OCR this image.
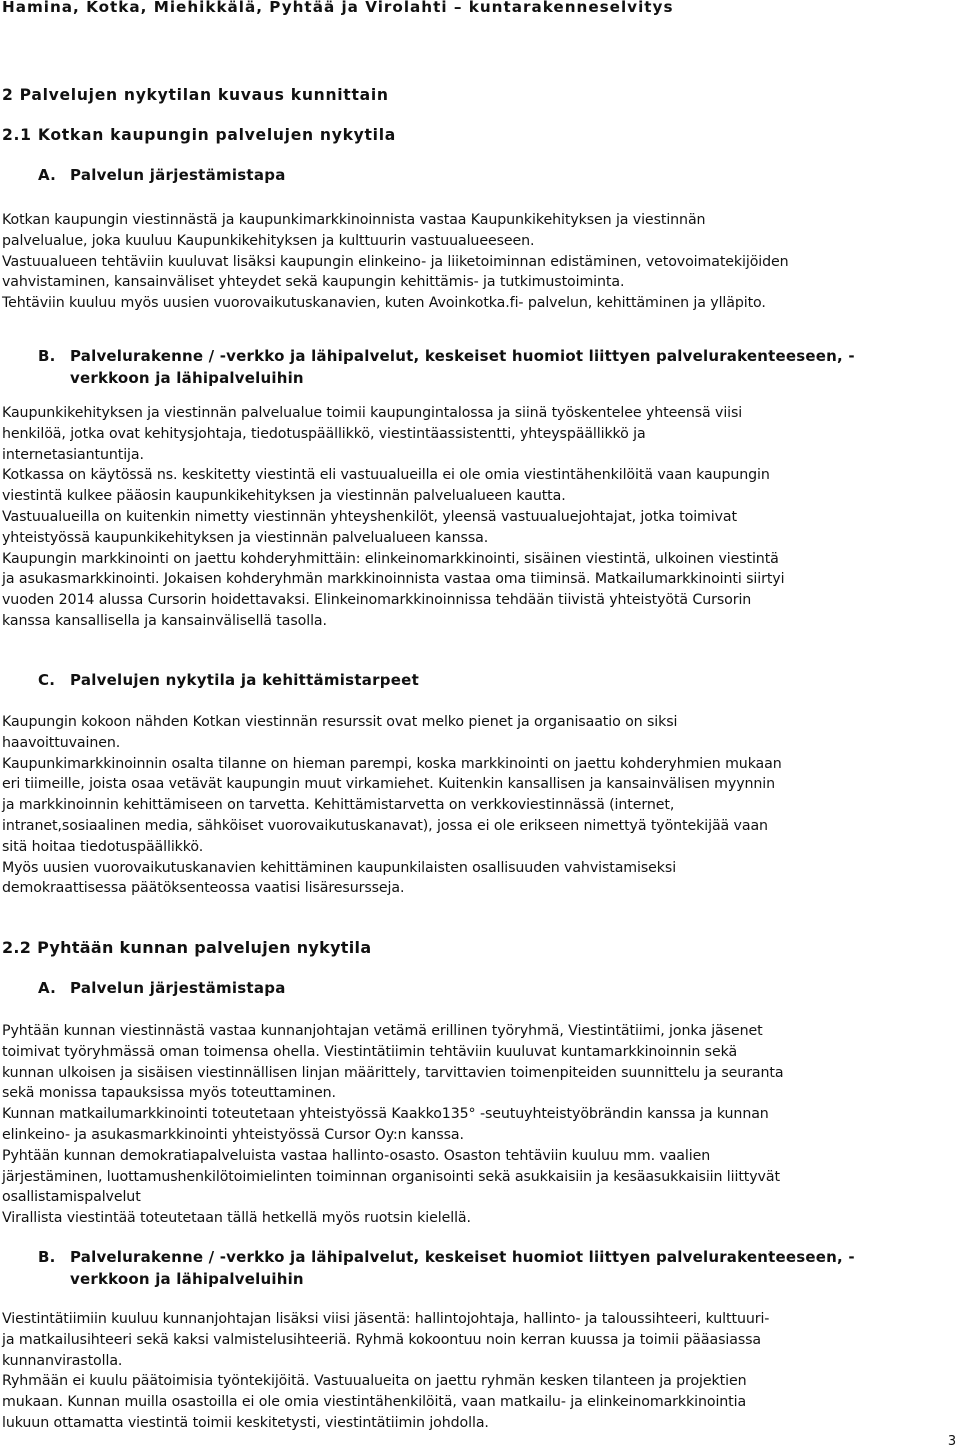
Hamina, Kotka, Miehikkälä, Pyhtää ja Virolahti – kuntarakenneselvitys
2 Palvelujen nykytilan kuvaus kunnittain
2.1 Kotkan kaupungin palvelujen nykytila
A. Palvelun järjestämistapa

Kotkan kaupungin viestinnästä ja kaupunkimarkkinoinnista vastaa Kaupunkikehityksen ja viestinnän

palvelualue, joka kuuluu Kaupunkikehityksen ja kulttuurin vastuualueeseen.

Vastuualueen tehtäviin kuuluvat lisäksi kaupungin elinkeino- ja liiketoiminnan edistäminen, vetovoimatekijöiden

vahvistaminen, kansainväliset yhteydet sekä kaupungin kehittämis- ja tutkimustoiminta.

Tehtäviin kuuluu myös uusien vuorovaikutuskanavien, kuten Avoinkotka.fi- palvelun, kehittäminen ja ylläpito.

B. Palvelurakenne / -verkko ja lähipalvelut, keskeiset huomiot liittyen palvelurakenteeseen, -
verkkoon ja lähipalveluihin

Kaupunkikehityksen ja viestinnän palvelualue toimii kaupungintalossa ja siinä työskentelee yhteensä viisi

henkilöä, jotka ovat kehitysjohtaja, tiedotuspäällikkö, viestintäassistentti, yhteyspäällikkö ja

internetasiantuntija.

Kotkassa on käytössä ns. keskitetty viestintä eli vastuualueilla ei ole omia viestintähenkilöitä vaan kaupungin

viestintä kulkee pääosin kaupunkikehityksen ja viestinnän palvelualueen kautta.

Vastuualueilla on kuitenkin nimetty viestinnän yhteyshenkilöt, yleensä vastuualuejohtajat, jotka toimivat

yhteistyössä kaupunkikehityksen ja viestinnän palvelualueen kanssa.

Kaupungin markkinointi on jaettu kohderyhmittäin: elinkeinomarkkinointi, sisäinen viestintä, ulkoinen viestintä

ja asukasmarkkinointi. Jokaisen kohderyhmän markkinoinnista vastaa oma tiiminsä. Matkailumarkkinointi siirtyi

vuoden 2014 alussa Cursorin hoidettavaksi. Elinkeinomarkkinoinnissa tehdään tiivistä yhteistyötä Cursorin

kanssa kansallisella ja kansainvälisellä tasolla.

C. Palvelujen nykytila ja kehittämistarpeet

Kaupungin kokoon nähden Kotkan viestinnän resurssit ovat melko pienet ja organisaatio on siksi

haavoittuvainen.

Kaupunkimarkkinoinnin osalta tilanne on hieman parempi, koska markkinointi on jaettu kohderyhmien mukaan

eri tiimeille, joista osaa vetävät kaupungin muut virkamiehet. Kuitenkin kansallisen ja kansainvälisen myynnin

ja markkinoinnin kehittämiseen on tarvetta. Kehittämistarvetta on verkkoviestinnässä (internet,

intranet,sosiaalinen media, sähköiset vuorovaikutuskanavat), jossa ei ole erikseen nimettyä työntekijää vaan

sitä hoitaa tiedotuspäällikkö.

Myös uusien vuorovaikutuskanavien kehittäminen kaupunkilaisten osallisuuden vahvistamiseksi

demokraattisessa päätöksenteossa vaatisi lisäresursseja.

2.2 Pyhtään kunnan palvelujen nykytila
A. Palvelun järjestämistapa

Pyhtään kunnan viestinnästä vastaa kunnanjohtajan vetämä erillinen työryhmä, Viestintätiimi, jonka jäsenet

toimivat työryhmässä oman toimensa ohella. Viestintätiimin tehtäviin kuuluvat kuntamarkkinoinnin sekä

kunnan ulkoisen ja sisäisen viestinnällisen linjan määrittely, tarvittavien toimenpiteiden suunnittelu ja seuranta

sekä monissa tapauksissa myös toteuttaminen.

Kunnan matkailumarkkinointi toteutetaan yhteistyössä Kaakko135° -seutuyhteistyöbrändin kanssa ja kunnan

elinkeino- ja asukasmarkkinointi yhteistyössä Cursor Oy:n kanssa.

Pyhtään kunnan demokratiapalveluista vastaa hallinto-osasto. Osaston tehtäviin kuuluu mm. vaalien

järjestäminen, luottamushenkilötoimielinten toiminnan organisointi sekä asukkaisiin ja kesäasukkaisiin liittyvät

osallistamispalvelut

Virallista viestintää toteutetaan tällä hetkellä myös ruotsin kielellä.

B. Palvelurakenne / -verkko ja lähipalvelut, keskeiset huomiot liittyen palvelurakenteeseen, -
verkkoon ja lähipalveluihin

Viestintätiimiin kuuluu kunnanjohtajan lisäksi viisi jäsentä: hallintojohtaja, hallinto- ja taloussihteeri, kulttuuri-

ja matkailusihteeri sekä kaksi valmistelusihteeriä. Ryhmä kokoontuu noin kerran kuussa ja toimii pääasiassa

kunnanvirastolla.

Ryhmään ei kuulu päätoimisia työntekijöitä. Vastuualueita on jaettu ryhmän kesken tilanteen ja projektien

mukaan. Kunnan muilla osastoilla ei ole omia viestintähenkilöitä, vaan matkailu- ja elinkeinomarkkinointia

lukuun ottamatta viestintä toimii keskitetysti, viestintätiimin johdolla.

3
